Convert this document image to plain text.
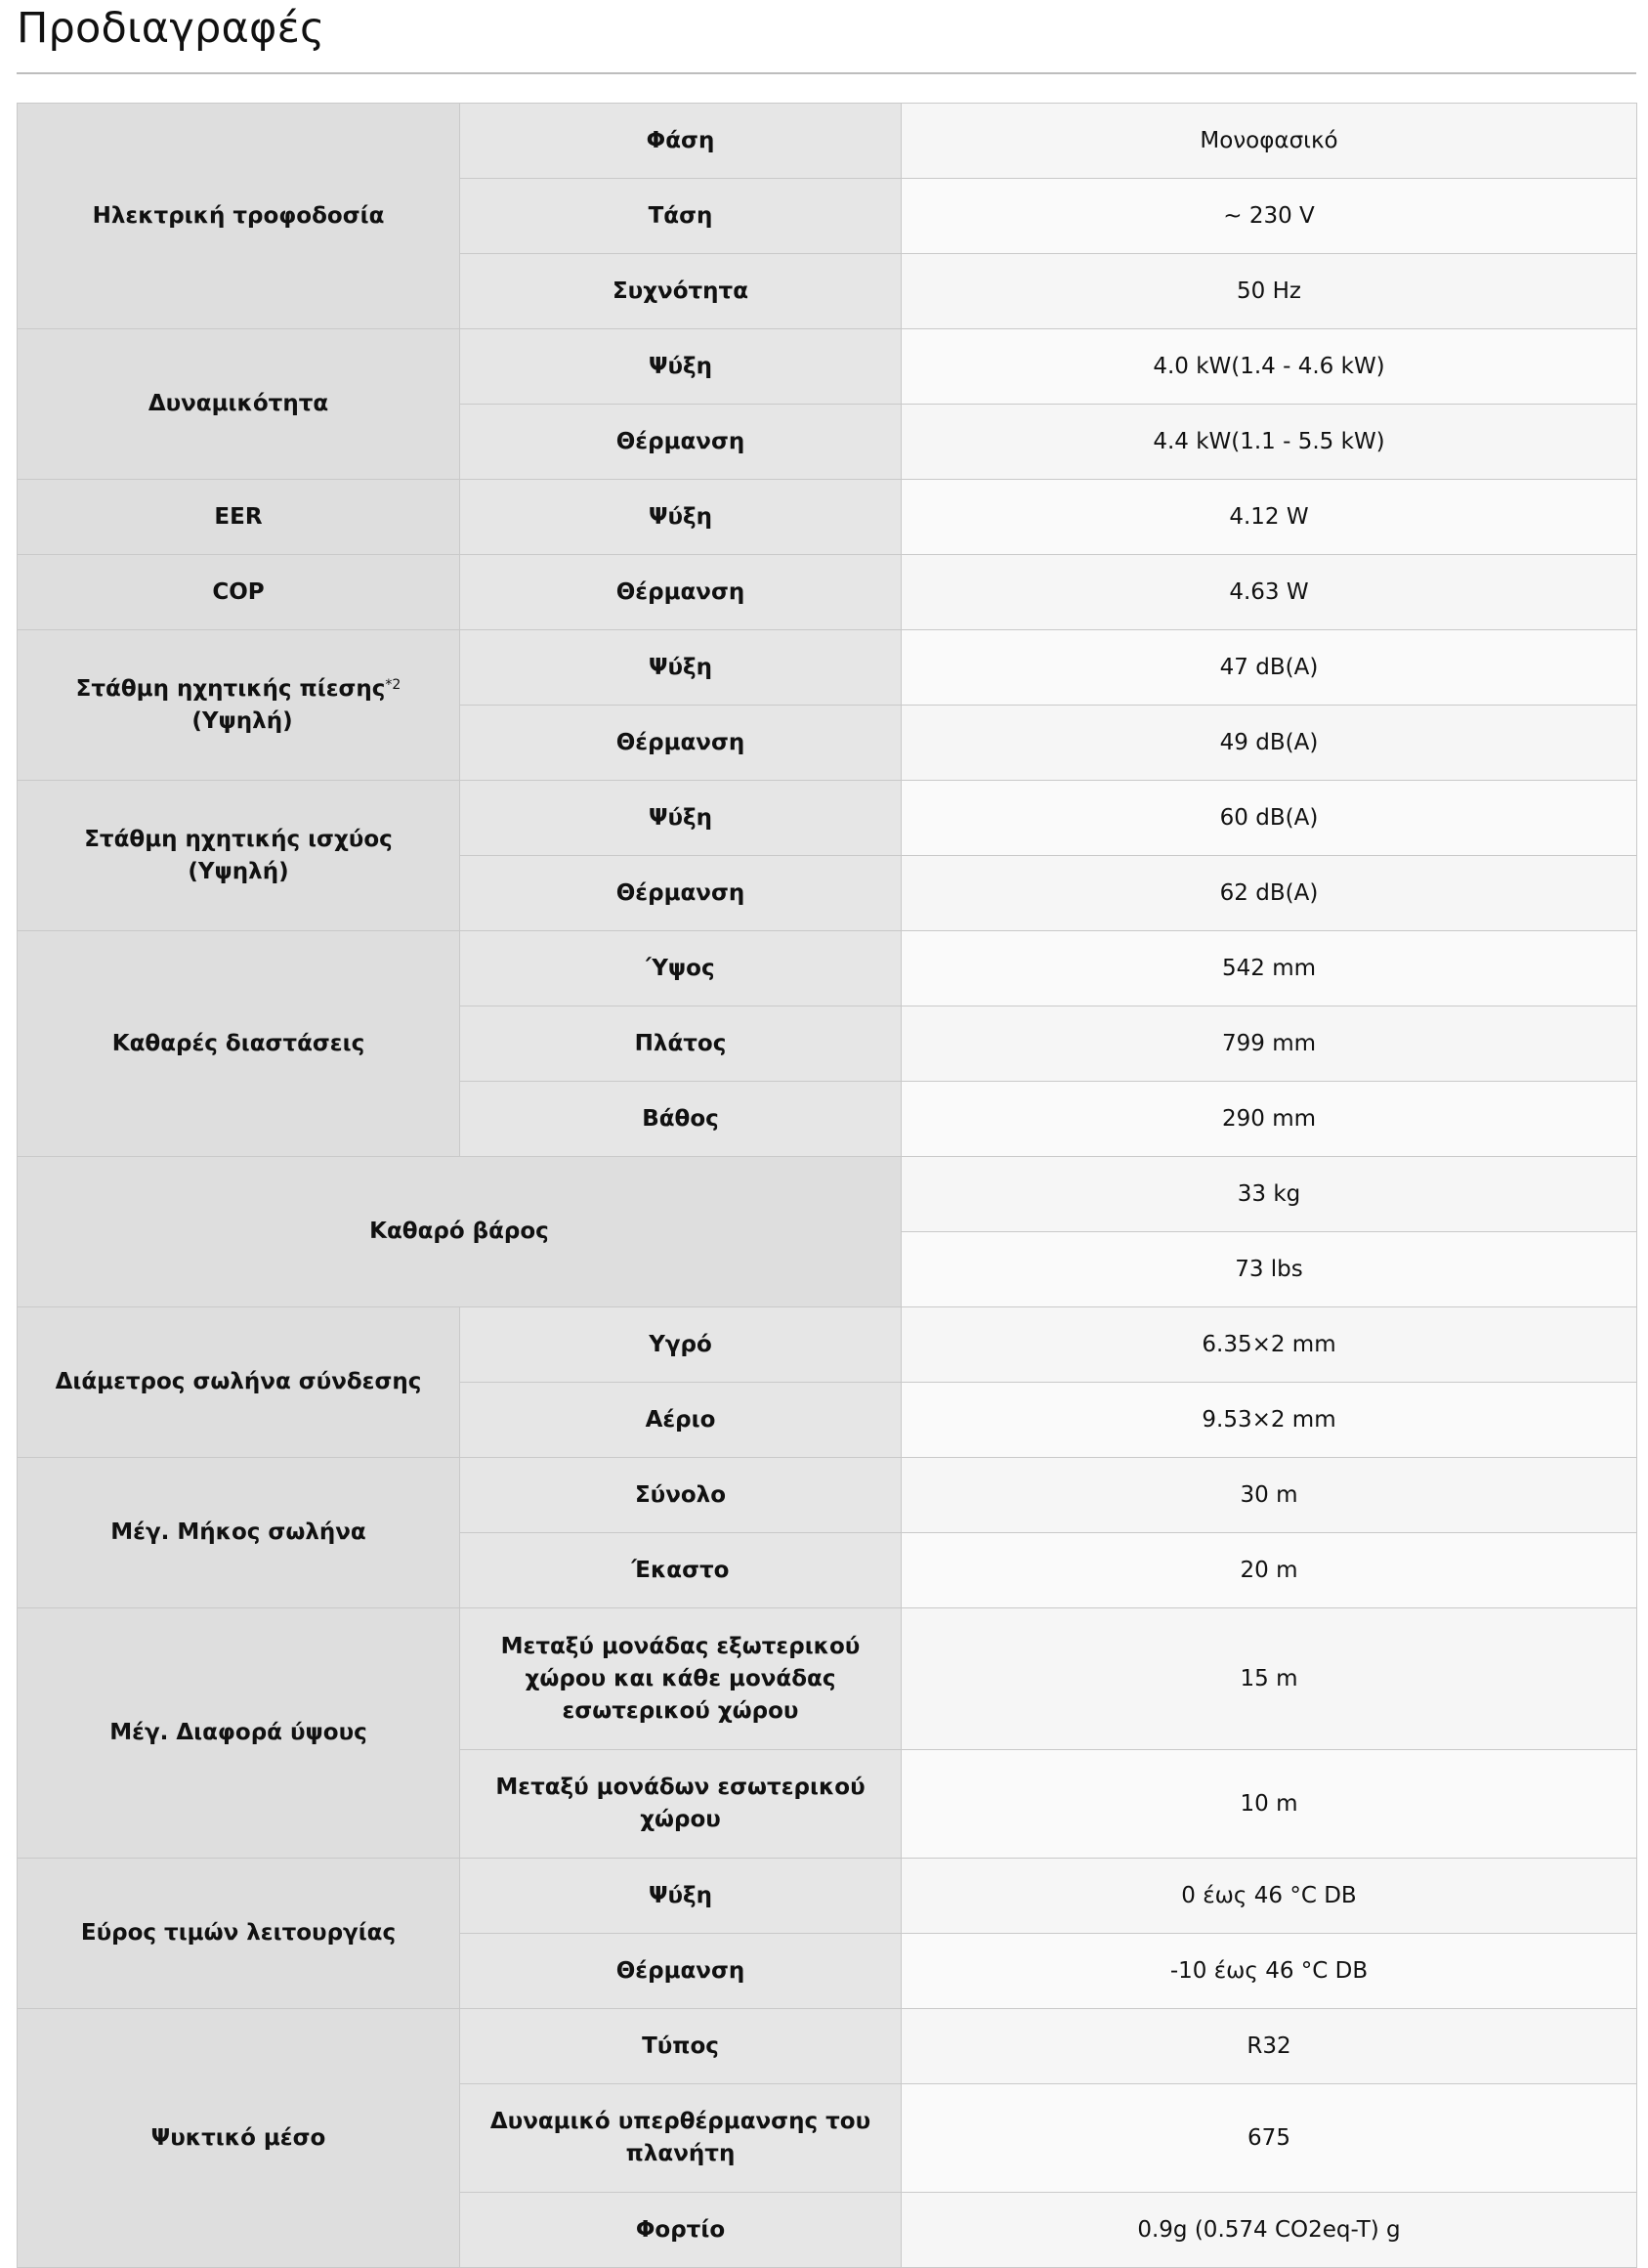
Προδιαγραφές
Ηλεκτρική τροφοδοσία	Φάση	Μονοφασικό
	Τάση	~ 230 V
	Συχνότητα	50 Hz
Δυναμικότητα	Ψύξη	4.0 kW(1.4 - 4.6 kW)
	Θέρμανση	4.4 kW(1.1 - 5.5 kW)
EER	Ψύξη	4.12 W
COP	Θέρμανση	4.63 W
Στάθμη ηχητικής πίεσης$^{*2}$ (Υψηλή)	Ψύξη	47 dB(A)
	Θέρμανση	49 dB(A)
Στάθμη ηχητικής ισχύος (Υψηλή)	Ψύξη	60 dB(A)
	Θέρμανση	62 dB(A)
Καθαρές διαστάσεις	Ύψος	542 mm
	Πλάτος	799 mm
	Βάθος	290 mm
Καθαρό βάρος		33 kg
		73 lbs
Διάμετρος σωλήνα σύνδεσης	Υγρό	6.35×2 mm
	Αέριο	9.53×2 mm
Μέγ. Μήκος σωλήνα	Σύνολο	30 m
	Έκαστο	20 m
Μέγ. Διαφορά ύψους	Μεταξύ μονάδας εξωτερικού χώρου και κάθε μονάδας εσωτερικού χώρου	15 m
	Μεταξύ μονάδων εσωτερικού χώρου	10 m
Εύρος τιμών λειτουργίας	Ψύξη	0 έως 46 °C DB
	Θέρμανση	-10 έως 46 °C DB
Ψυκτικό μέσο	Τύπος	R32
	Δυναμικό υπερθέρμανσης του πλανήτη	675
	Φορτίο	0.9g (0.574 CO2eq-T) g
